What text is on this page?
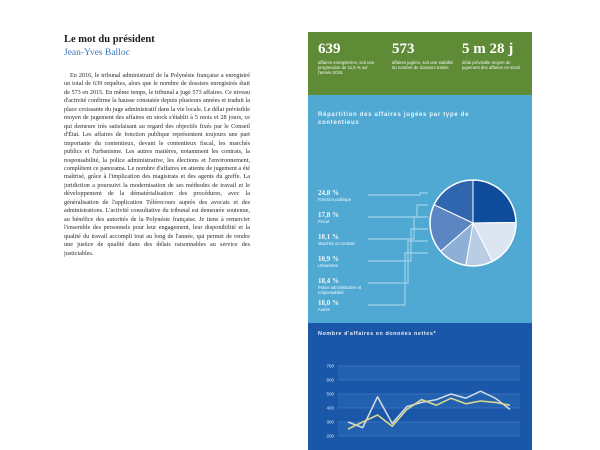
Le mot du président
Jean-Yves Balloc
En 2016, le tribunal administratif de la Polynésie française a enregistré un total de 639 requêtes, alors que le nombre de dossiers enregistrés était de 573 en 2015. En même temps, le tribunal a jugé 573 affaires. Ce niveau d'activité confirme la hausse constatée depuis plusieurs années et traduit la place croissante du juge administratif dans la vie locale. Le délai prévisible moyen de jugement des affaires en stock s'établit à 5 mois et 28 jours, ce qui demeure très satisfaisant au regard des objectifs fixés par le Conseil d'État. Les affaires de fonction publique représentent toujours une part importante du contentieux, devant le contentieux fiscal, les marchés publics et l'urbanisme. Les autres matières, notamment les contrats, la responsabilité, la police administrative, les élections et l'environnement, complètent ce panorama. Le nombre d'affaires en attente de jugement a été maîtrisé, grâce à l'implication des magistrats et des agents du greffe. La juridiction a poursuivi la modernisation de ses méthodes de travail et le développement de la dématérialisation des procédures, avec la généralisation de l'application Télérecours auprès des avocats et des administrations. L'activité consultative du tribunal est demeurée soutenue, au bénéfice des autorités de la Polynésie française. Je tiens à remercier l'ensemble des personnels pour leur engagement, leur disponibilité et la qualité du travail accompli tout au long de l'année, qui permet de rendre une justice de qualité dans des délais raisonnables au service des justiciables.
639
affaires enregistrées, soit une progression de 11,5 % sur l'année 2015
573
affaires jugées, soit une stabilité du nombre de dossiers traités
5 m 28 j
délai prévisible moyen de jugement des affaires en stock
Répartition des affaires jugées par type de contentieux
24,8 %
Fonction publique
17,8 %
Fiscal
10,1 %
Marchés et contrats
10,9 %
Urbanisme
18,4 %
Police administrative et responsabilité
18,0 %
Autres
700
600
500
400
300
200
Nombre d'affaires en données nettes*
